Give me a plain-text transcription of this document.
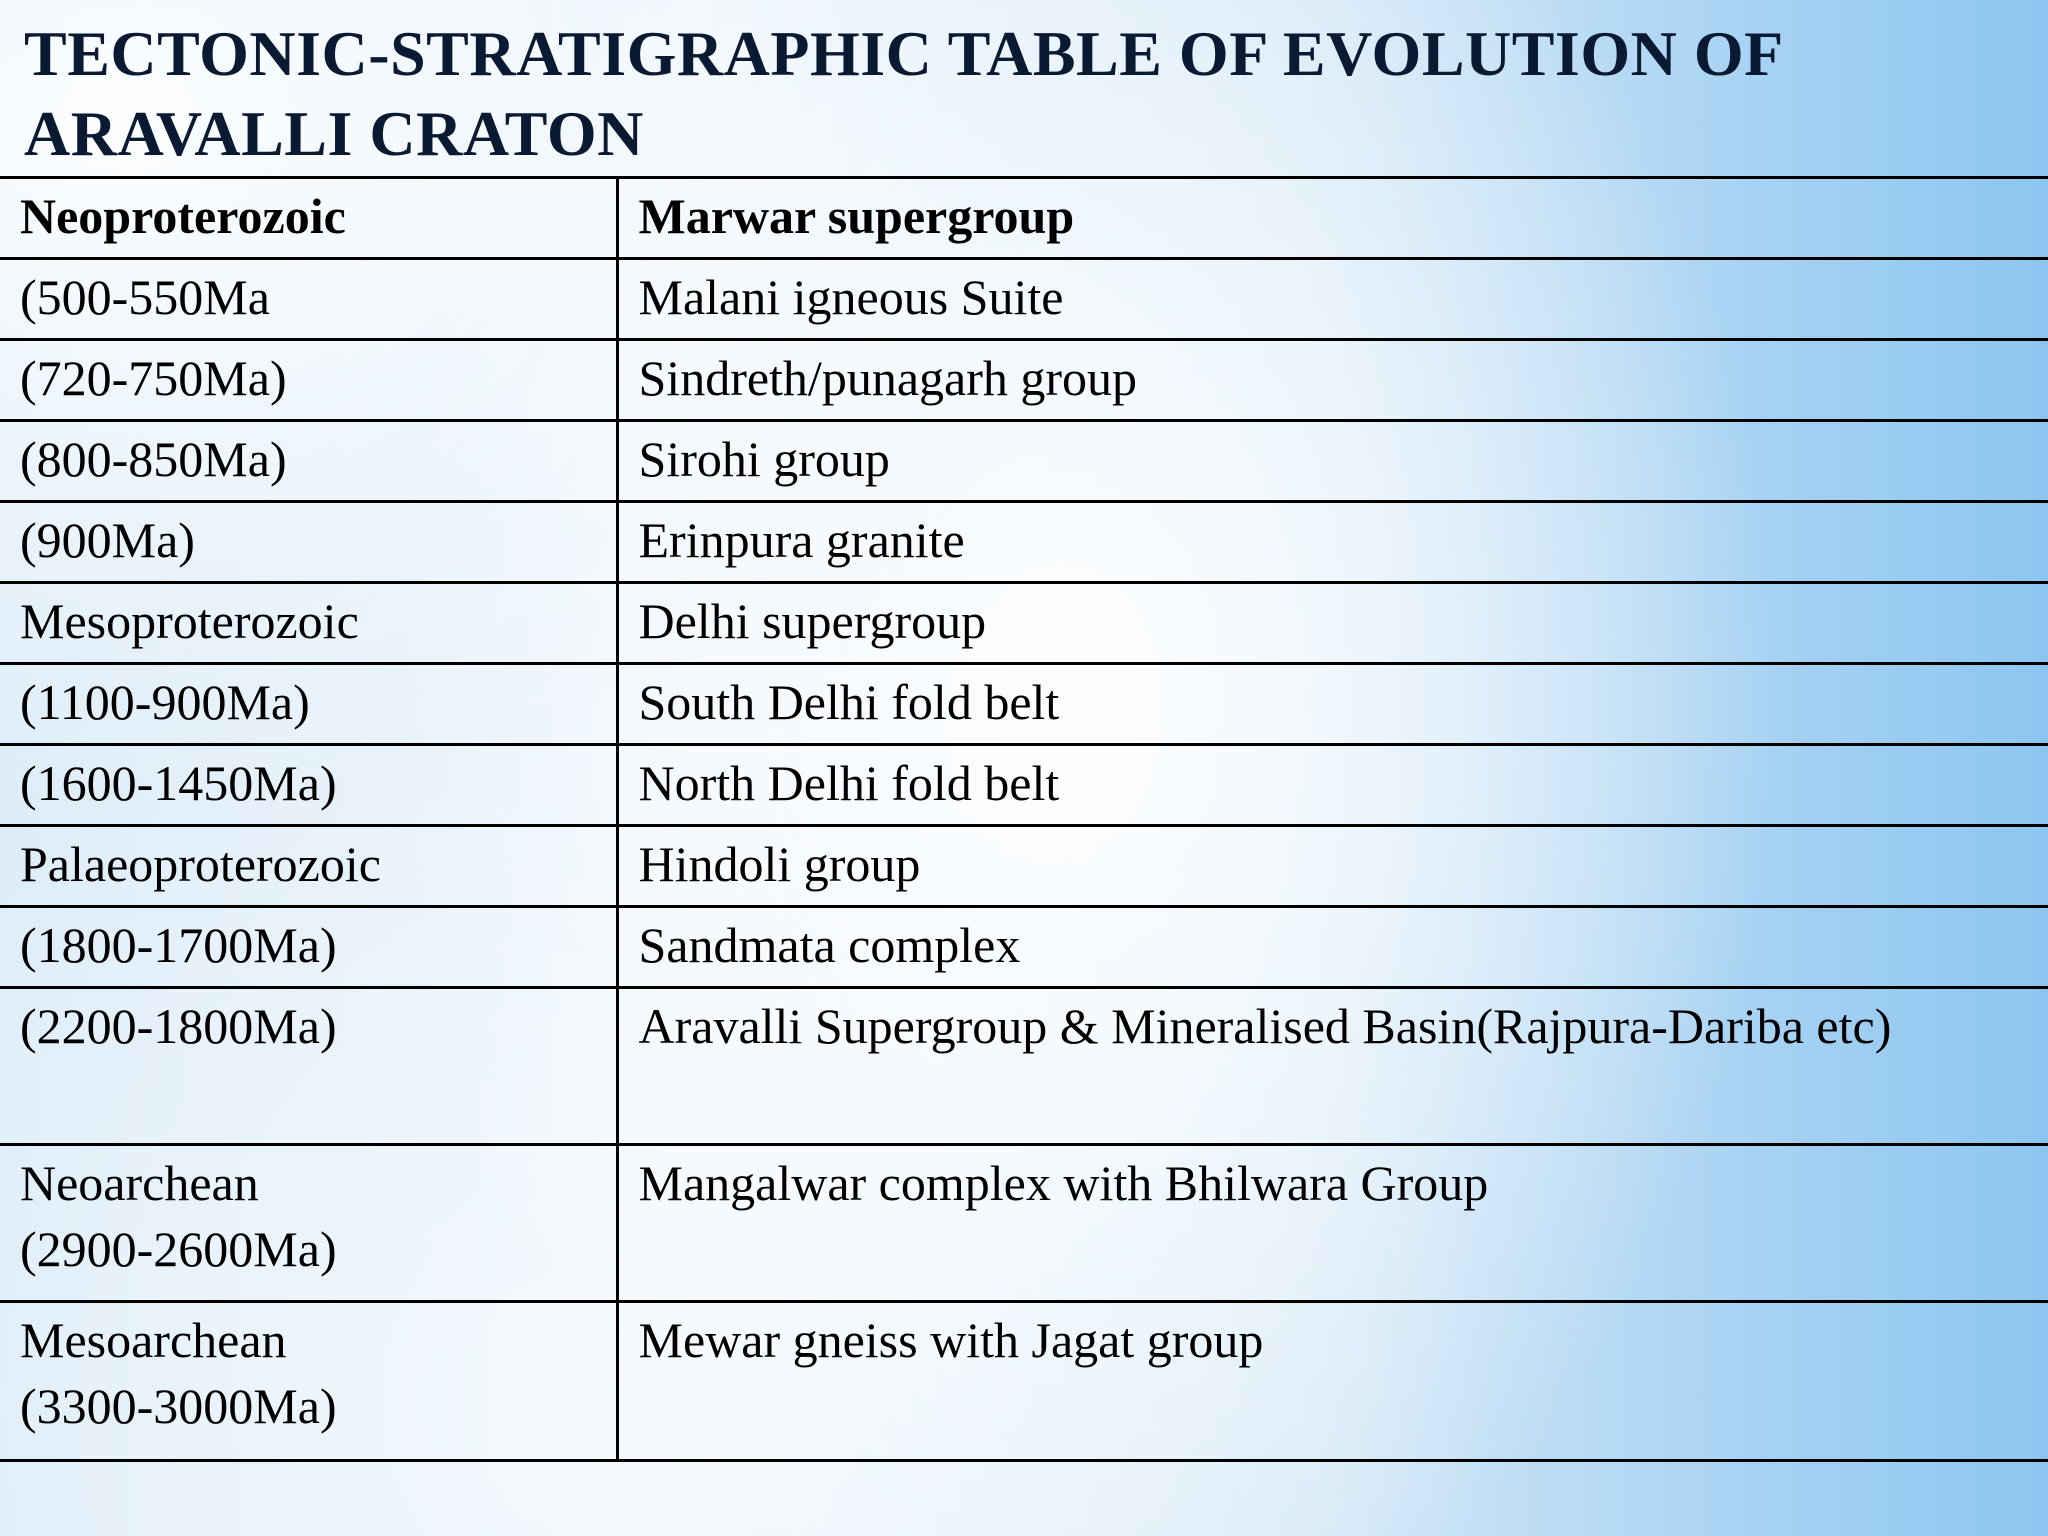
TECTONIC-STRATIGRAPHIC TABLE OF EVOLUTION OF
ARAVALLI CRATON
Neoproterozoic	Marwar supergroup
(500-550Ma	Malani igneous Suite
(720-750Ma)	Sindreth/punagarh group
(800-850Ma)	Sirohi group
(900Ma)	Erinpura granite
Mesoproterozoic	Delhi supergroup
(1100-900Ma)	South Delhi fold belt
(1600-1450Ma)	North Delhi fold belt
Palaeoproterozoic	Hindoli group
(1800-1700Ma)	Sandmata complex
(2200-1800Ma)	Aravalli Supergroup & Mineralised Basin(Rajpura-Dariba etc)

Neoarchean
(2900-2600Ma)	Mangalwar complex with Bhilwara Group

Mesoarchean
(3300-3000Ma)	Mewar gneiss with Jagat group
